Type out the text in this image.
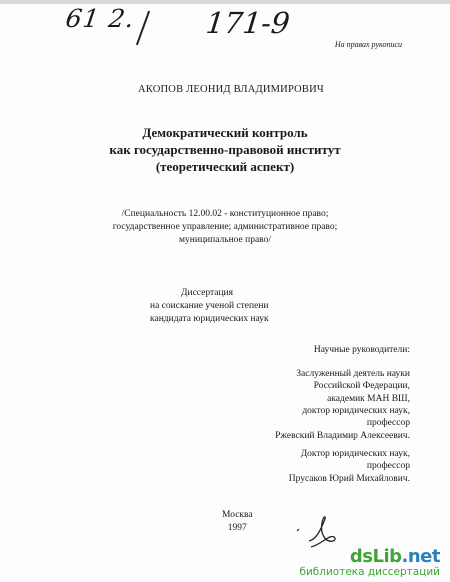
61 2. 171-9
На правах рукописи
АКОПОВ ЛЕОНИД ВЛАДИМИРОВИЧ
Демократический контроль
как государственно-правовой институт
(теоретический аспект)
/Специальность 12.00.02 - конституционное право;
государственное управление; административное право;
муниципальное право/
Диссертация
на соискание ученой степени
кандидата юридических наук
Научные руководители:
Заслуженный деятель науки
Российской Федерации,
академик МАН ВШ,
доктор юридических наук,
профессор
Ржевский Владимир Алексеевич.
Доктор юридических наук,
профессор
Прусаков Юрий Михайлович.
Москва
1997
dsLib.net
библиотека диссертаций
